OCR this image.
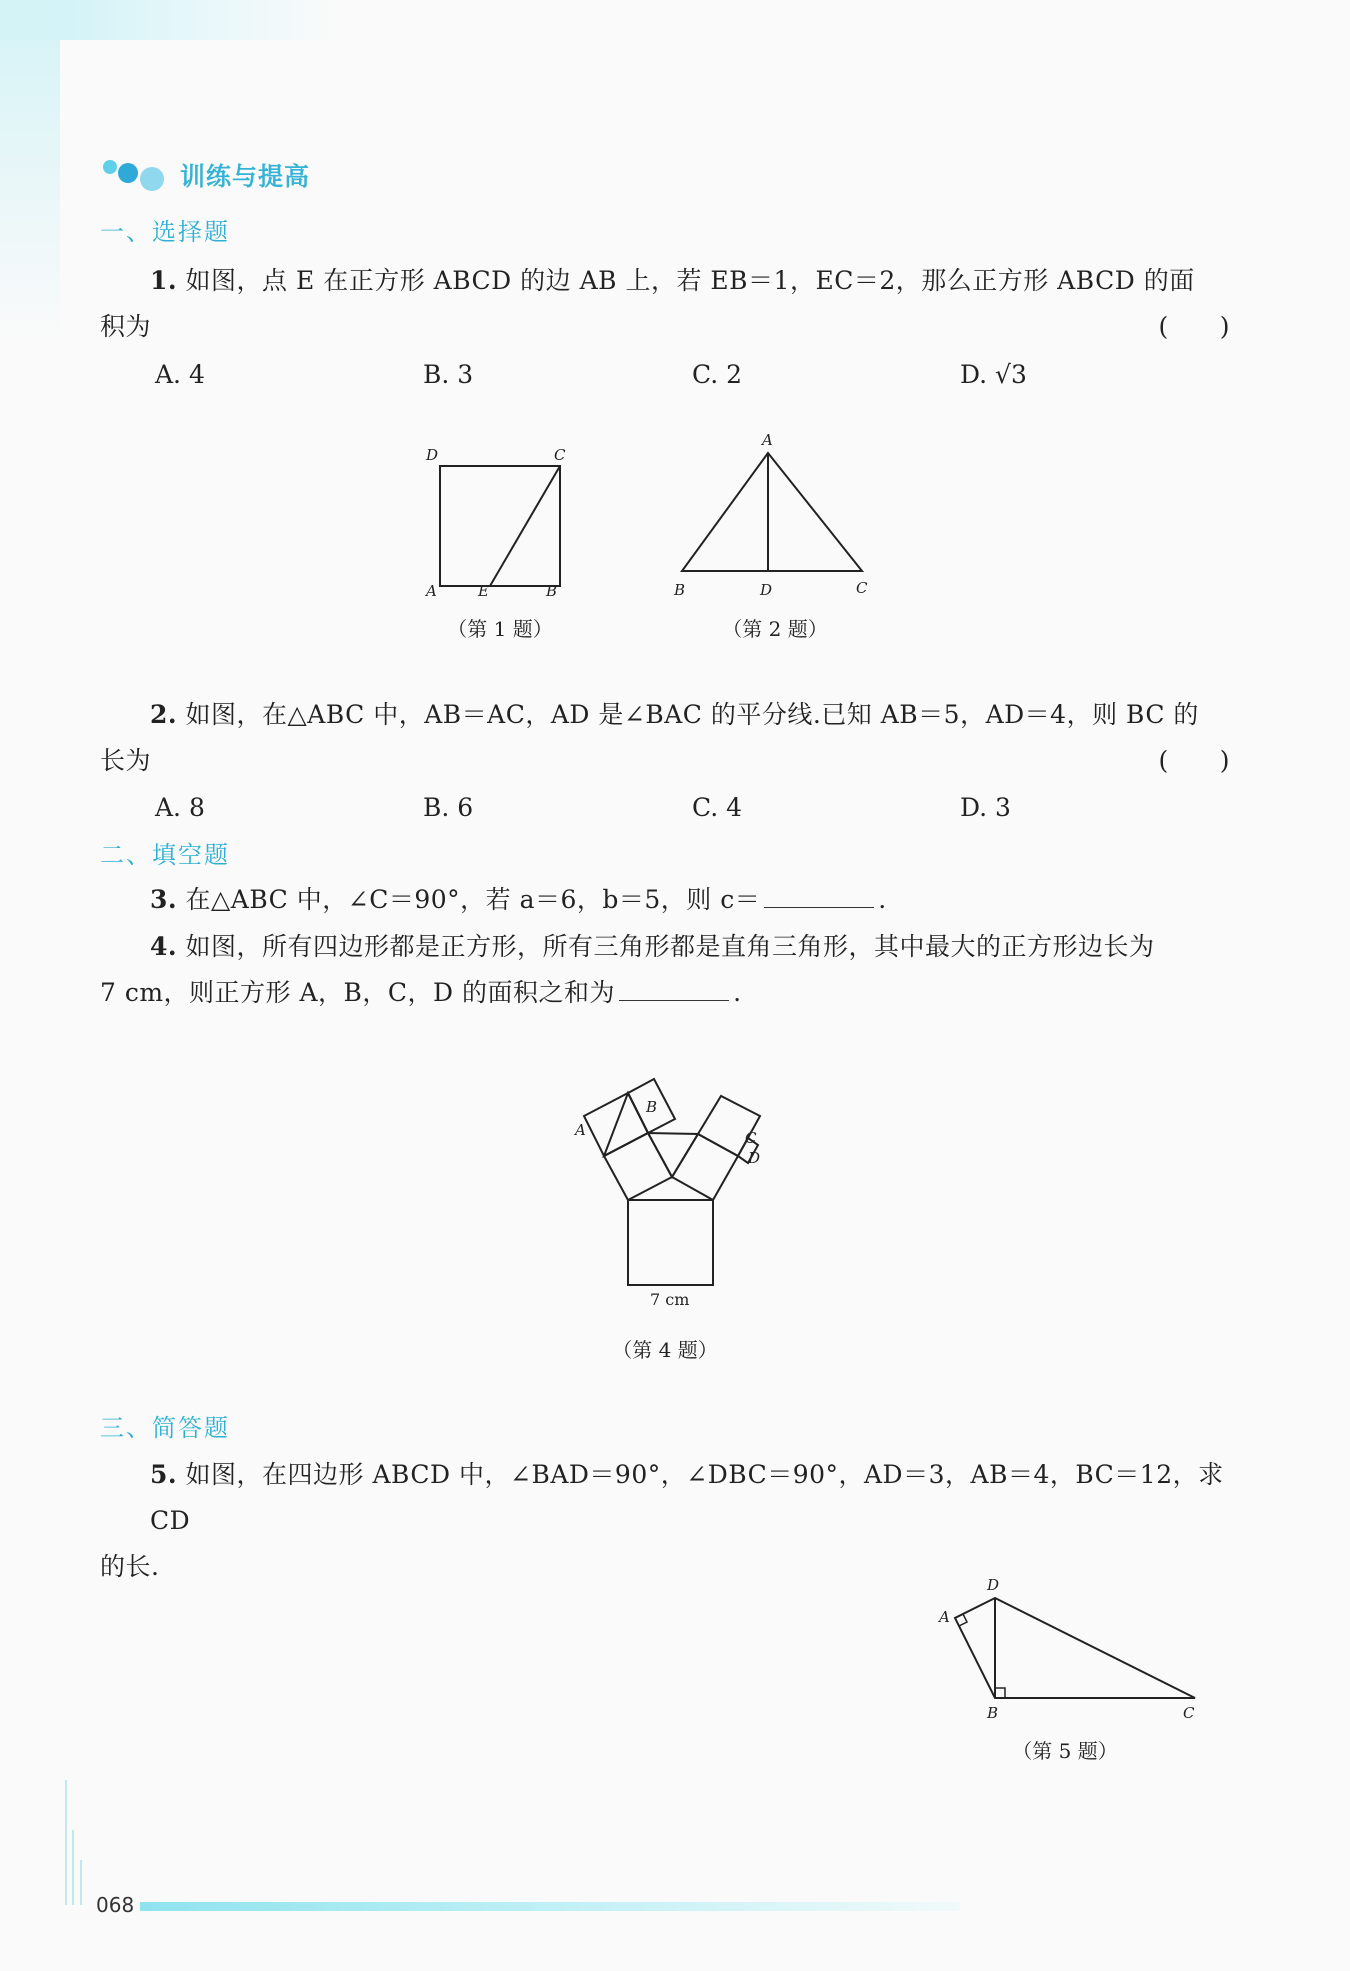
训练与提高
一、选择题
1. 如图，点 E 在正方形 ABCD 的边 AB 上，若 EB＝1，EC＝2，那么正方形 ABCD 的面
积为	(　　)
A. 4	B. 3	C. 2	D. √3
D	C
A	E	B
（第 1 题）
A
B	D	C
（第 2 题）
2. 如图，在△ABC 中，AB＝AC，AD 是∠BAC 的平分线.已知 AB＝5，AD＝4，则 BC 的
长为	(　　)
A. 8	B. 6	C. 4	D. 3
二、填空题
3. 在△ABC 中，∠C＝90°，若 a＝6，b＝5，则 c＝	.
4. 如图，所有四边形都是正方形，所有三角形都是直角三角形，其中最大的正方形边长为
7 cm，则正方形 A，B，C，D 的面积之和为	.
A
B
C
D
7 cm
（第 4 题）
三、简答题
5. 如图，在四边形 ABCD 中，∠BAD＝90°，∠DBC＝90°，AD＝3，AB＝4，BC＝12，求 CD
的长.
D
A
B	C
（第 5 题）
068
